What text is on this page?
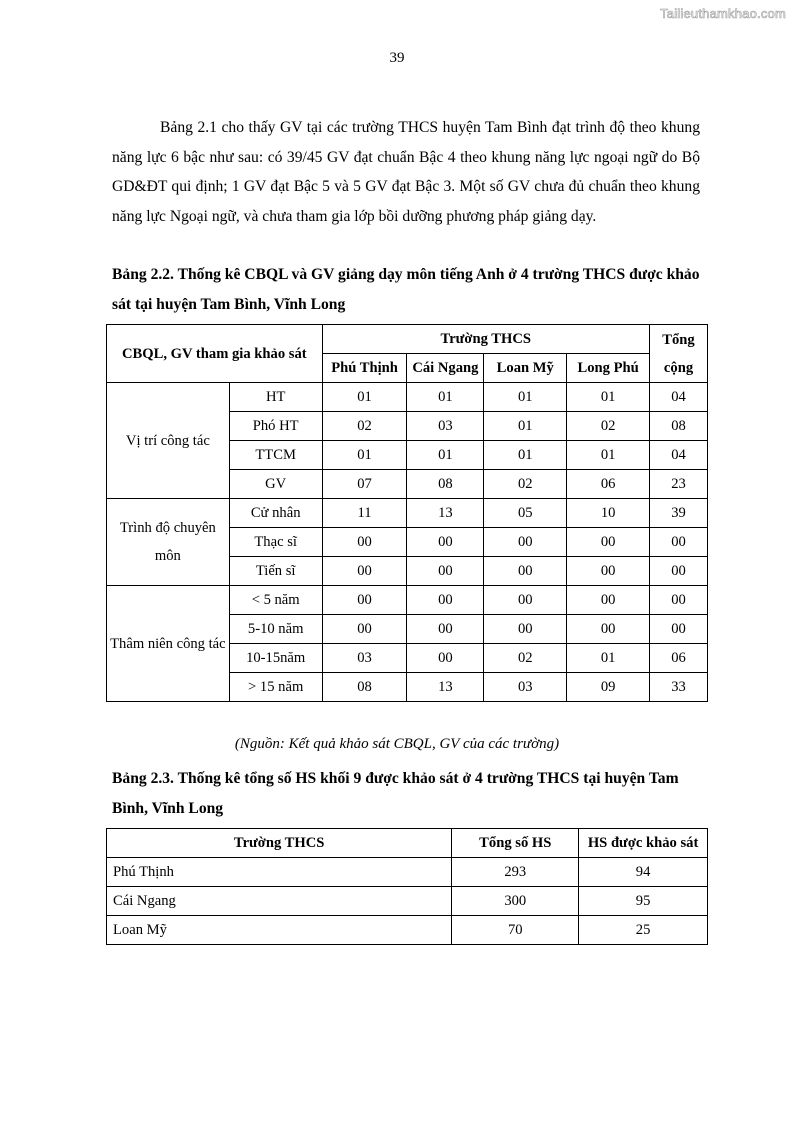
Tailieuthamkhao.com
39

Bảng 2.1 cho thấy GV tại các trường THCS huyện Tam Bình đạt trình độ theo khung năng lực 6 bậc như sau: có 39/45 GV đạt chuẩn Bậc 4 theo khung năng lực ngoại ngữ do Bộ GD&ĐT qui định; 1 GV đạt Bậc 5 và 5 GV đạt Bậc 3. Một số GV chưa đủ chuẩn theo khung năng lực Ngoại ngữ, và chưa tham gia lớp bồi dưỡng phương pháp giảng dạy.

Bảng 2.2. Thống kê CBQL và GV giảng dạy môn tiếng Anh ở 4 trường THCS được khảo sát tại huyện Tam Bình, Vĩnh Long

CBQL, GV tham gia khảo sát		Trường THCS				Tổng cộng
		Phú Thịnh	Cái Ngang	Loan Mỹ	Long Phú	
Vị trí công tác	HT	01	01	01	01	04
	Phó HT	02	03	01	02	08
	TTCM	01	01	01	01	04
	GV	07	08	02	06	23
Trình độ chuyên môn	Cử nhân	11	13	05	10	39
	Thạc sĩ	00	00	00	00	00
	Tiến sĩ	00	00	00	00	00
Thâm niên công tác	< 5 năm	00	00	00	00	00
	5-10 năm	00	00	00	00	00
	10-15năm	03	00	02	01	06
	> 15 năm	08	13	03	09	33
(Nguồn: Kết quả khảo sát CBQL, GV của các trường)

Bảng 2.3. Thống kê tổng số HS khối 9 được khảo sát ở 4 trường THCS tại huyện Tam Bình, Vĩnh Long

Trường THCS	Tổng số HS	HS được khảo sát
Phú Thịnh	293	94
Cái Ngang	300	95
Loan Mỹ	70	25
